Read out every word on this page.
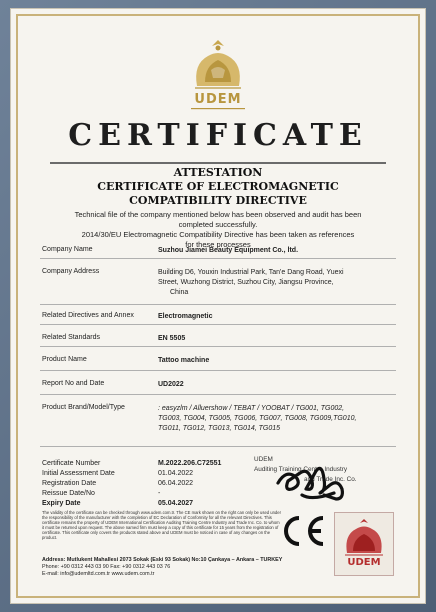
UDEM
CERTIFICATE
ATTESTATION
CERTIFICATE OF ELECTROMAGNETIC
COMPATIBILITY DIRECTIVE
Technical file of the company mentioned below has been observed and audit has been
completed successfully.
2014/30/EU Electromagnetic Compatibility Directive has been taken as references
for these processes
Company Name	Suzhou Jiamei Beauty Equipment Co., ltd.
Company Address	Building D6, Youxin Industrial Park, Tan'e Dang Road, Yuexi
Street, Wuzhong District, Suzhou City, Jiangsu Province,
China
Related Directives and Annex	Electromagnetic
Related Standards	EN 5505
Product Name	Tattoo machine
Report No and Date	UD2022
Product Brand/Model/Type	: easyzlm / Alluershow / TEBAT / YOOBAT / TG001, TG002,
TG003, TG004, TG005, TG006, TG007, TG008, TG009,TG010,
TG011, TG012, TG013, TG014, TG015
Certificate Number	M.2022.206.C72551
Initial Assessment Date	01.04.2022
Registration Date	06.04.2022
Reissue Date/No	-
Expiry Date	05.04.2027
UDEM
Auditing Training Centre Industry
and Trade Inc. Co.
UDEM
The validity of the certificate can be checked through www.udem.com.tr. The CE mark shown on the right can only be used under the responsibility of the manufacturer with the completion of EC Declaration of Conformity for all the relevant Directives. This certificate remains the property of UDEM International Certification Auditing Training Centre Industry and Trade Inc. Co. to whom it must be returned upon request. The above named firm must keep a copy of this certificate for 15 years from the registration of certificate. This certificate only covers the products stated above and UDEM must be noticed in case of any changes on the product.
Address: Mutlukent Mahallesi 2073 Sokak (Eski 93 Sokak) No:10 Çankaya – Ankara – TURKEY
Phone: +90 0312 443 03 90 Fax: +90 0312 443 03 76
E-mail: info@udemltd.com.tr www.udem.com.tr
